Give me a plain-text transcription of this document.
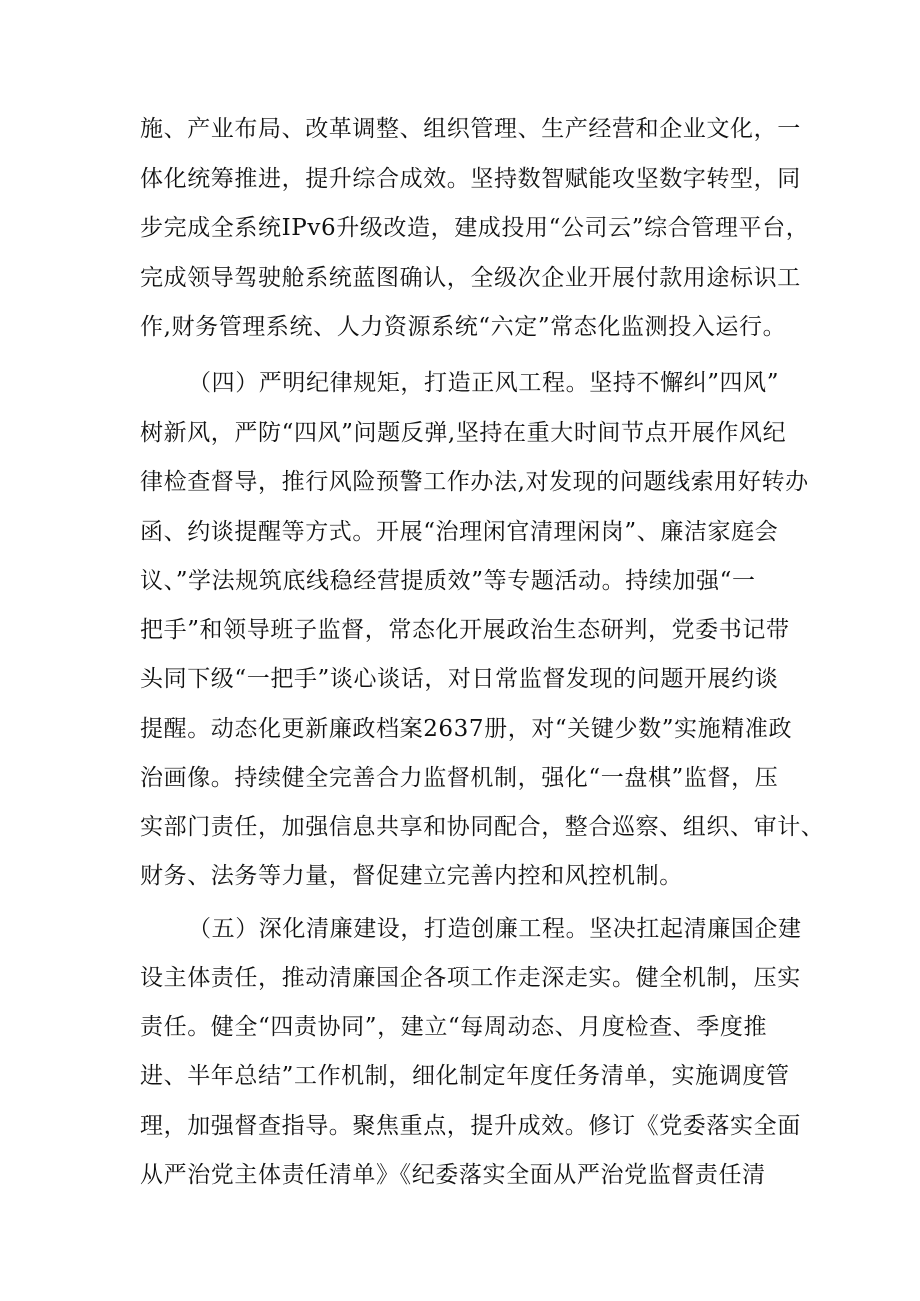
施、产业布局、改革调整、组织管理、生产经营和企业文化，一

体化统筹推进，提升综合成效。坚持数智赋能攻坚数字转型，同

步完成全系统IPv6升级改造，建成投用“公司云”综合管理平台，

完成领导驾驶舱系统蓝图确认，全级次企业开展付款用途标识工

作,财务管理系统、人力资源系统“六定”常态化监测投入运行。

（四）严明纪律规矩，打造正风工程。坚持不懈纠”四风”

树新风，严防“四风”问题反弹,坚持在重大时间节点开展作风纪

律检查督导，推行风险预警工作办法,对发现的问题线索用好转办

函、约谈提醒等方式。开展“治理闲官清理闲岗”、廉洁家庭会

议、”学法规筑底线稳经营提质效”等专题活动。持续加强“一

把手”和领导班子监督，常态化开展政治生态研判，党委书记带

头同下级“一把手”谈心谈话，对日常监督发现的问题开展约谈

提醒。动态化更新廉政档案2637册，对“关键少数”实施精准政

治画像。持续健全完善合力监督机制，强化“一盘棋”监督，压

实部门责任，加强信息共享和协同配合，整合巡察、组织、审计、

财务、法务等力量，督促建立完善内控和风控机制。

（五）深化清廉建设，打造创廉工程。坚决扛起清廉国企建

设主体责任，推动清廉国企各项工作走深走实。健全机制，压实

责任。健全“四责协同”，建立“每周动态、月度检查、季度推

进、半年总结”工作机制，细化制定年度任务清单，实施调度管

理，加强督查指导。聚焦重点，提升成效。修订《党委落实全面

从严治党主体责任清单》《纪委落实全面从严治党监督责任清
